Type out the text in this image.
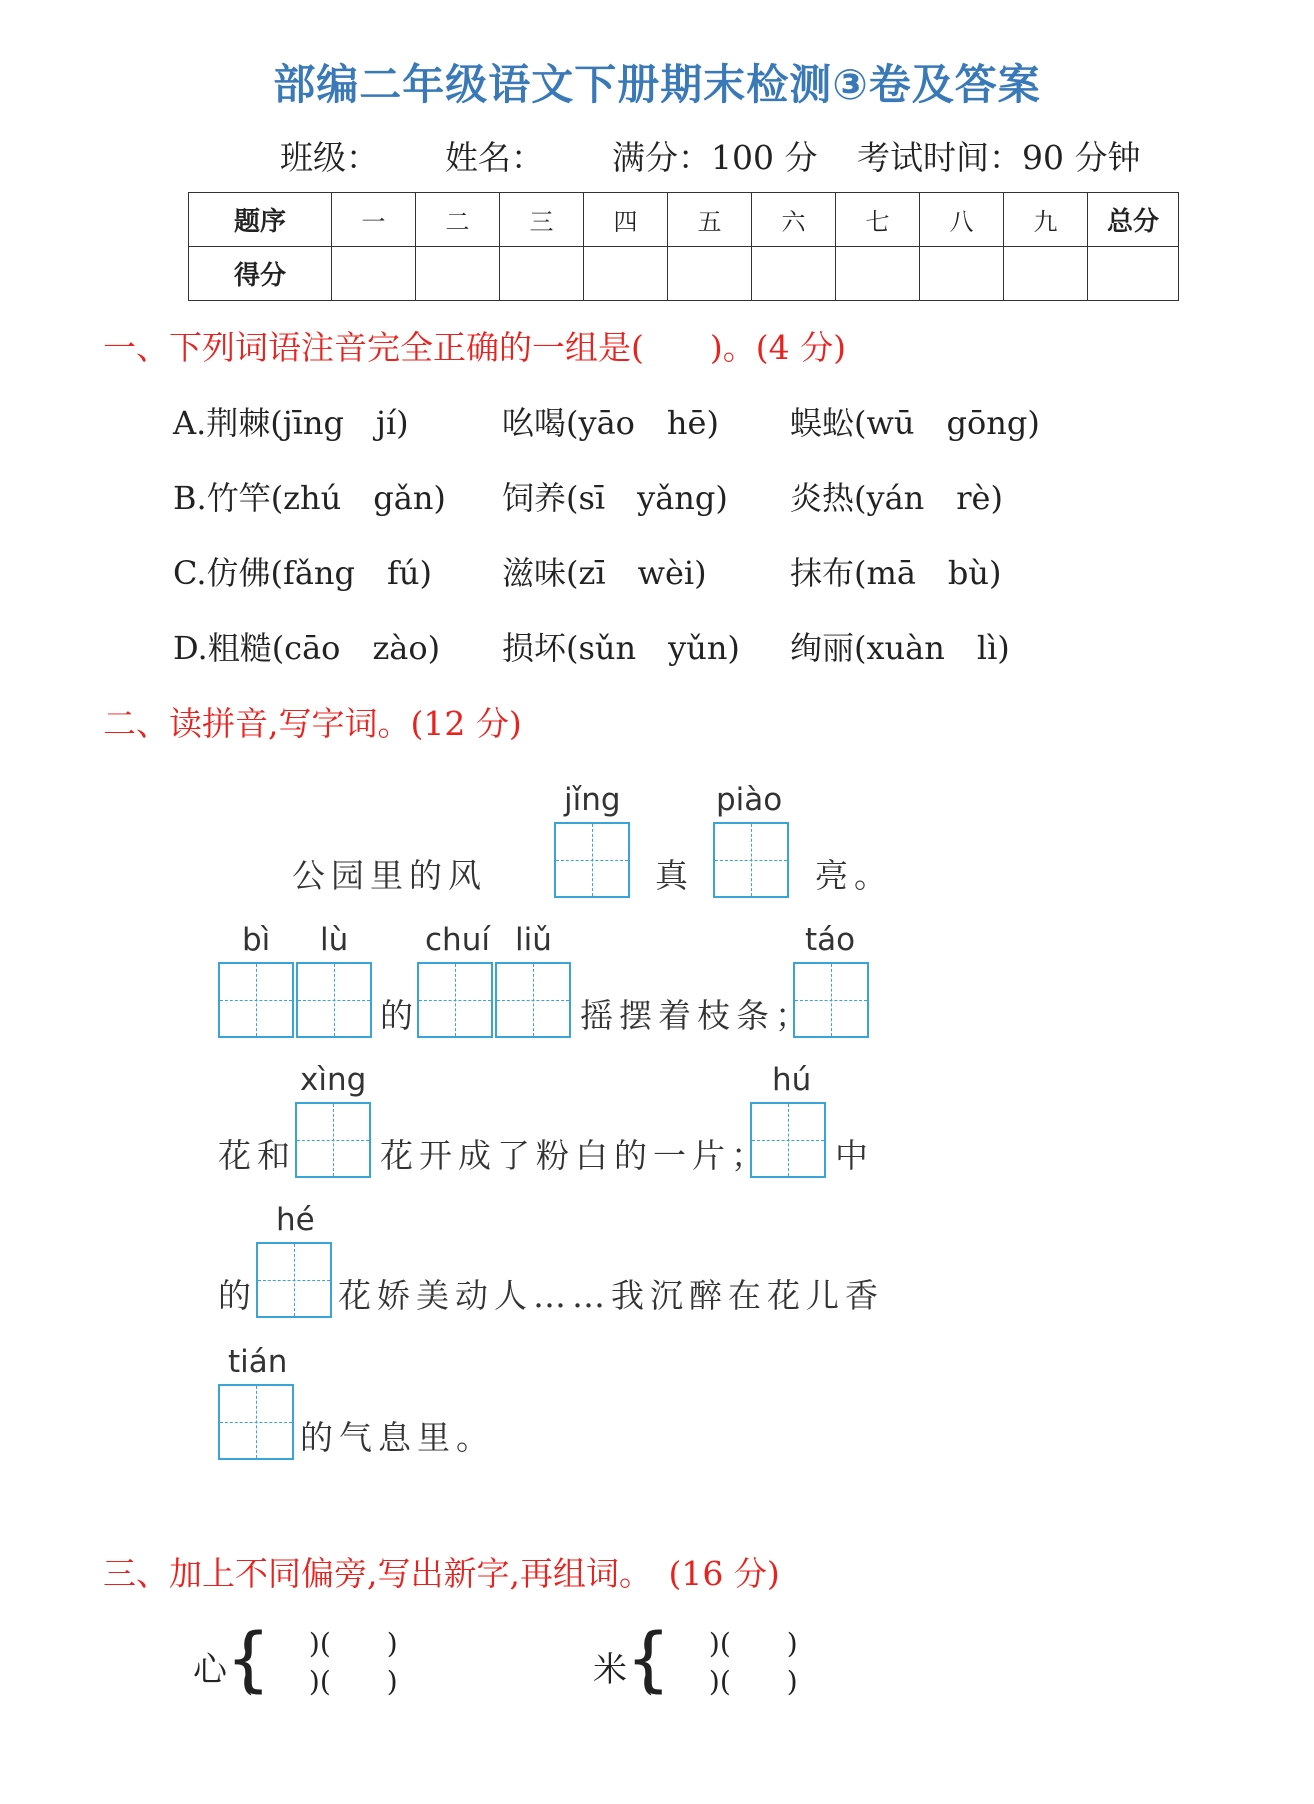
部编二年级语文下册期末检测③卷及答案
班级： 姓名： 满分：100 分 考试时间：90 分钟
题序	一	二	三	四	五	六	七	八	九	总分
得分										
一、下列词语注音完全正确的一组是(　　)。(4 分)
A.荆棘(jīng　jí)	吆喝(yāo　hē) 蜈蚣(wū　gōng)
B.竹竿(zhú　gǎn) 饲养(sī　yǎng) 炎热(yán　rè)
C.仿佛(fǎng　fú) 滋味(zī　wèi)	抹布(mā　bù)
D.粗糙(cāo　zào) 损坏(sǔn　yǔn) 绚丽(xuàn　lì)
二、读拼音,写字词。(12 分)
公园里的风
jǐng
真
piào
亮。
bì lù
的
chuí liǔ
摇摆着枝条；
táo
花和
xìng
花开成了粉白的一片；
hú
中
的
hé
花娇美动人……我沉醉在花儿香
tián
的气息里。
三、加上不同偏旁,写出新字,再组词。　(16 分)
心 {
(　　)(　　)
(　　)(　　)	米 {
(　　)(　　)
(　　)(　　)
